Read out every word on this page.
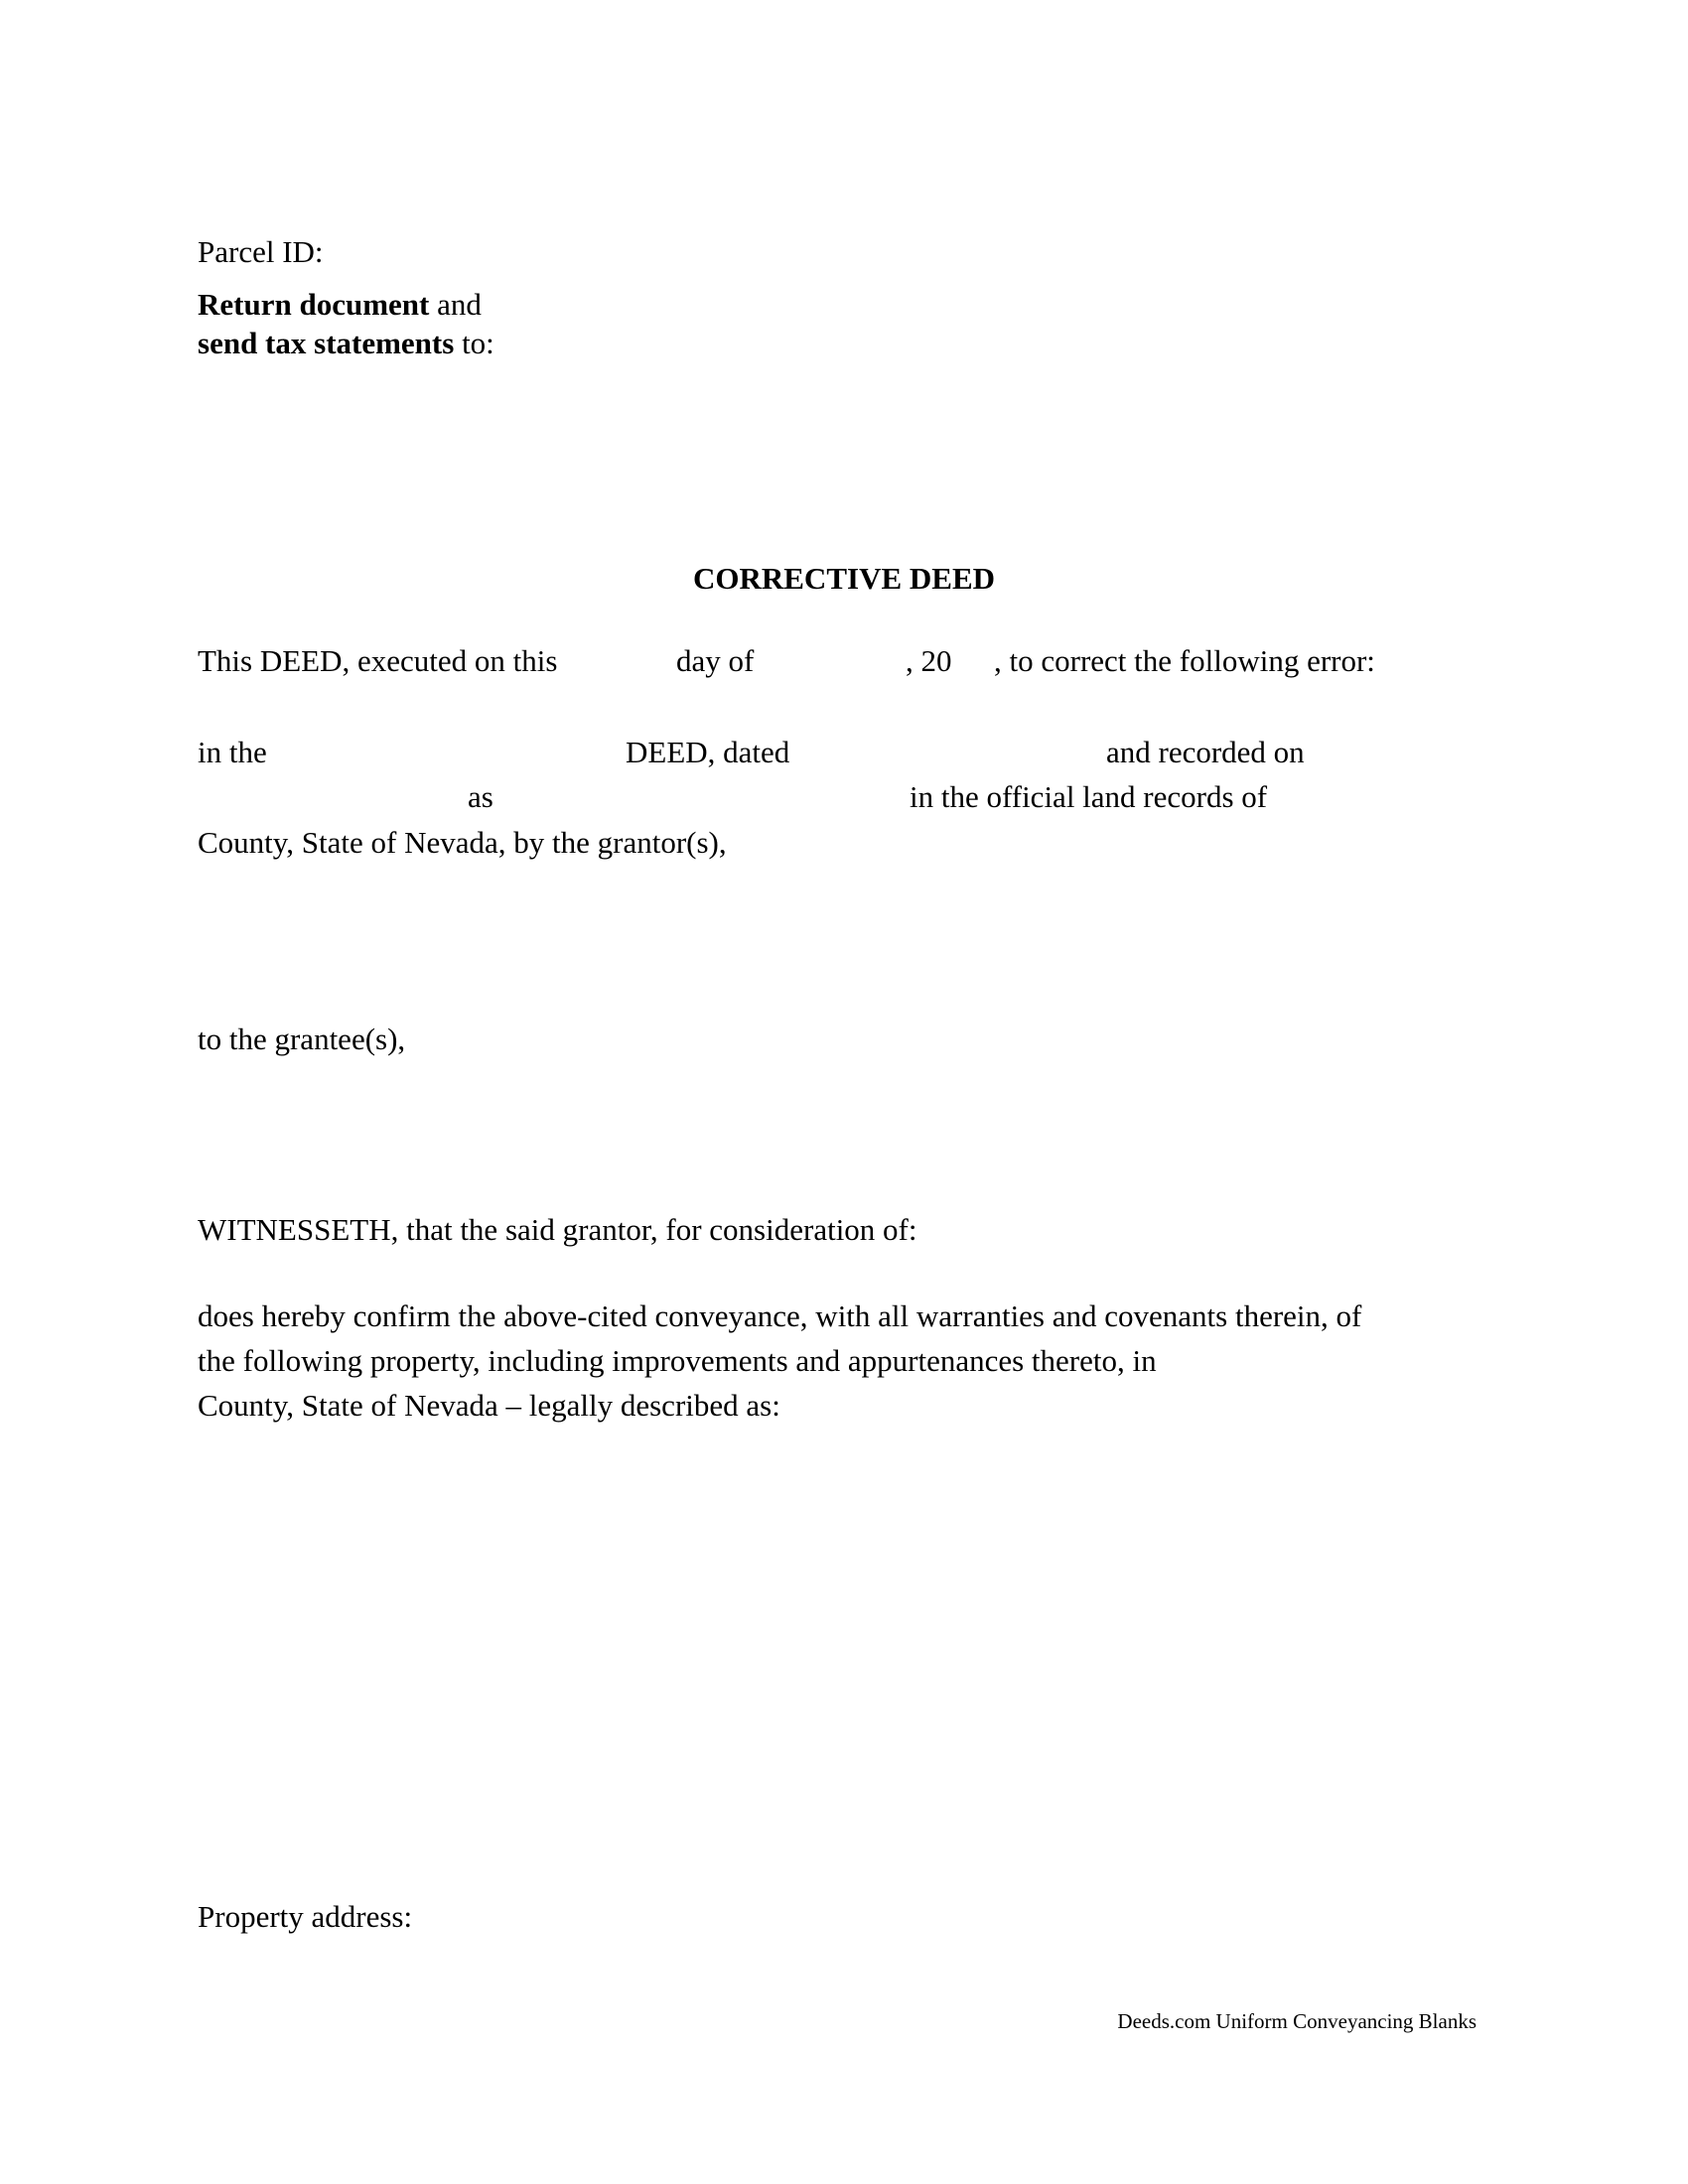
Parcel ID:
Return document and
send tax statements to:
CORRECTIVE DEED
This DEED, executed on this	day of	, 20 , to correct the following error:
in the	DEED, dated	and recorded on
as	in the official land records of
County, State of Nevada, by the grantor(s),
to the grantee(s),
WITNESSETH, that the said grantor, for consideration of:
does hereby confirm the above-cited conveyance, with all warranties and covenants therein, of
the following property, including improvements and appurtenances thereto, in
County, State of Nevada – legally described as:
Property address:
Deeds.com Uniform Conveyancing Blanks
